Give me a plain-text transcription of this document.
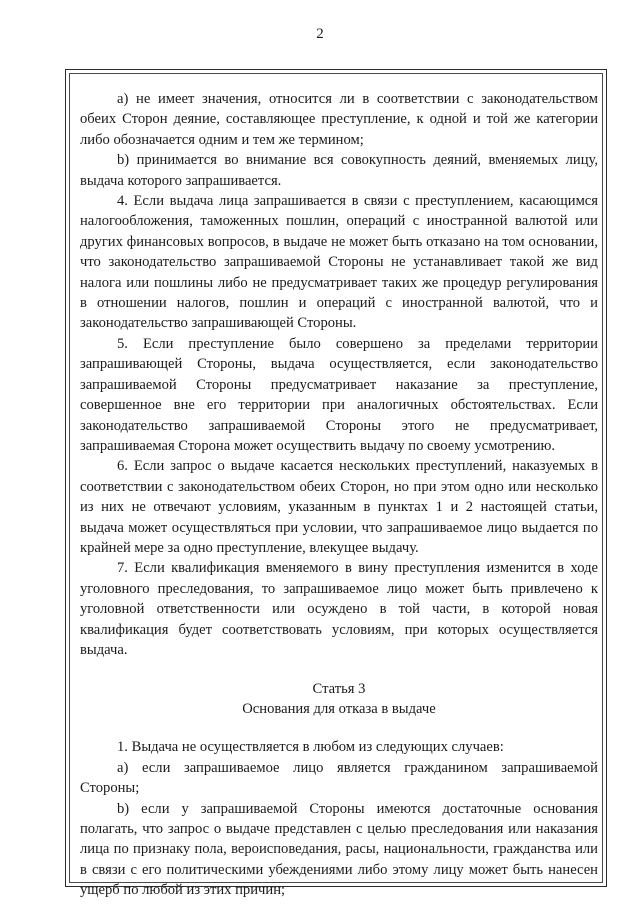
2

а) не имеет значения, относится ли в соответствии с законодательством обеих Сторон деяние, составляющее преступление, к одной и той же категории либо обозначается одним и тем же термином;

b) принимается во внимание вся совокупность деяний, вменяемых лицу, выдача которого запрашивается.

4. Если выдача лица запрашивается в связи с преступлением, касающимся налогообложения, таможенных пошлин, операций с иностранной валютой или других финансовых вопросов, в выдаче не может быть отказано на том основании, что законодательство запрашиваемой Стороны не устанавливает такой же вид налога или пошлины либо не предусматривает таких же процедур регулирования в отношении налогов, пошлин и операций с иностранной валютой, что и законодательство запрашивающей Стороны.

5. Если преступление было совершено за пределами территории запрашивающей Стороны, выдача осуществляется, если законодательство запрашиваемой Стороны предусматривает наказание за преступление, совершенное вне его территории при аналогичных обстоятельствах. Если законодательство запрашиваемой Стороны этого не предусматривает, запрашиваемая Сторона может осуществить выдачу по своему усмотрению.

6. Если запрос о выдаче касается нескольких преступлений, наказуемых в соответствии с законодательством обеих Сторон, но при этом одно или несколько из них не отвечают условиям, указанным в пунктах 1 и 2 настоящей статьи, выдача может осуществляться при условии, что запрашиваемое лицо выдается по крайней мере за одно преступление, влекущее выдачу.

7. Если квалификация вменяемого в вину преступления изменится в ходе уголовного преследования, то запрашиваемое лицо может быть привлечено к уголовной ответственности или осуждено в той части, в которой новая квалификация будет соответствовать условиям, при которых осуществляется выдача.

Статья 3
Основания для отказа в выдаче

1. Выдача не осуществляется в любом из следующих случаев:

а) если запрашиваемое лицо является гражданином запрашиваемой Стороны;

b) если у запрашиваемой Стороны имеются достаточные основания полагать, что запрос о выдаче представлен с целью преследования или наказания лица по признаку пола, вероисповедания, расы, национальности, гражданства или в связи с его политическими убеждениями либо этому лицу может быть нанесен ущерб по любой из этих причин;
